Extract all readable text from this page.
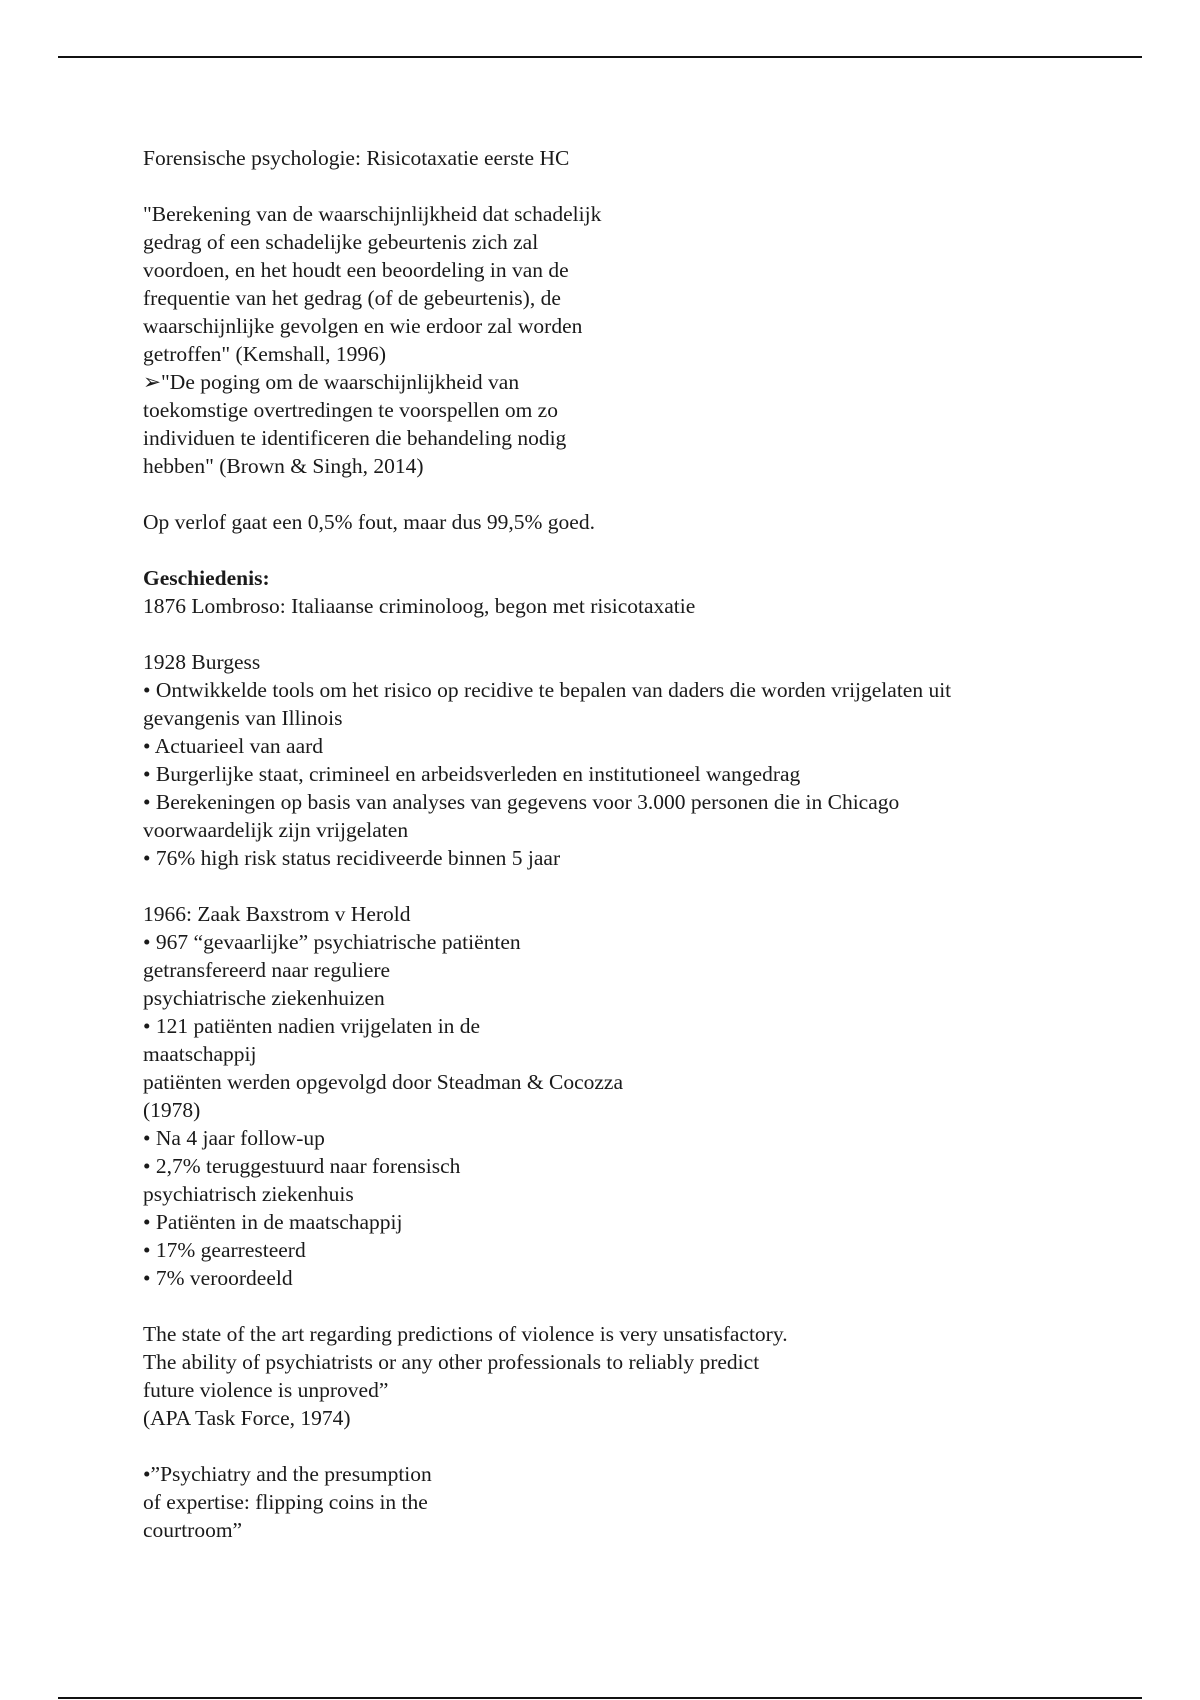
Forensische psychologie: Risicotaxatie eerste HC
"Berekening van de waarschijnlijkheid dat schadelijk
gedrag of een schadelijke gebeurtenis zich zal
voordoen, en het houdt een beoordeling in van de
frequentie van het gedrag (of de gebeurtenis), de
waarschijnlijke gevolgen en wie erdoor zal worden
getroffen" (Kemshall, 1996)
➢"De poging om de waarschijnlijkheid van
toekomstige overtredingen te voorspellen om zo
individuen te identificeren die behandeling nodig
hebben" (Brown & Singh, 2014)
Op verlof gaat een 0,5% fout, maar dus 99,5% goed.
Geschiedenis:
1876 Lombroso: Italiaanse criminoloog, begon met risicotaxatie
1928 Burgess
• Ontwikkelde tools om het risico op recidive te bepalen van daders die worden vrijgelaten uit
gevangenis van Illinois
• Actuarieel van aard
• Burgerlijke staat, crimineel en arbeidsverleden en institutioneel wangedrag
• Berekeningen op basis van analyses van gegevens voor 3.000 personen die in Chicago
voorwaardelijk zijn vrijgelaten
• 76% high risk status recidiveerde binnen 5 jaar
1966: Zaak Baxstrom v Herold
• 967 “gevaarlijke” psychiatrische patiënten
getransfereerd naar reguliere
psychiatrische ziekenhuizen
• 121 patiënten nadien vrijgelaten in de
maatschappij
patiënten werden opgevolgd door Steadman & Cocozza
(1978)
• Na 4 jaar follow-up
• 2,7% teruggestuurd naar forensisch
psychiatrisch ziekenhuis
• Patiënten in de maatschappij
• 17% gearresteerd
• 7% veroordeeld
The state of the art regarding predictions of violence is very unsatisfactory.
The ability of psychiatrists or any other professionals to reliably predict
future violence is unproved”
(APA Task Force, 1974)
•”Psychiatry and the presumption
of expertise: flipping coins in the
courtroom”
